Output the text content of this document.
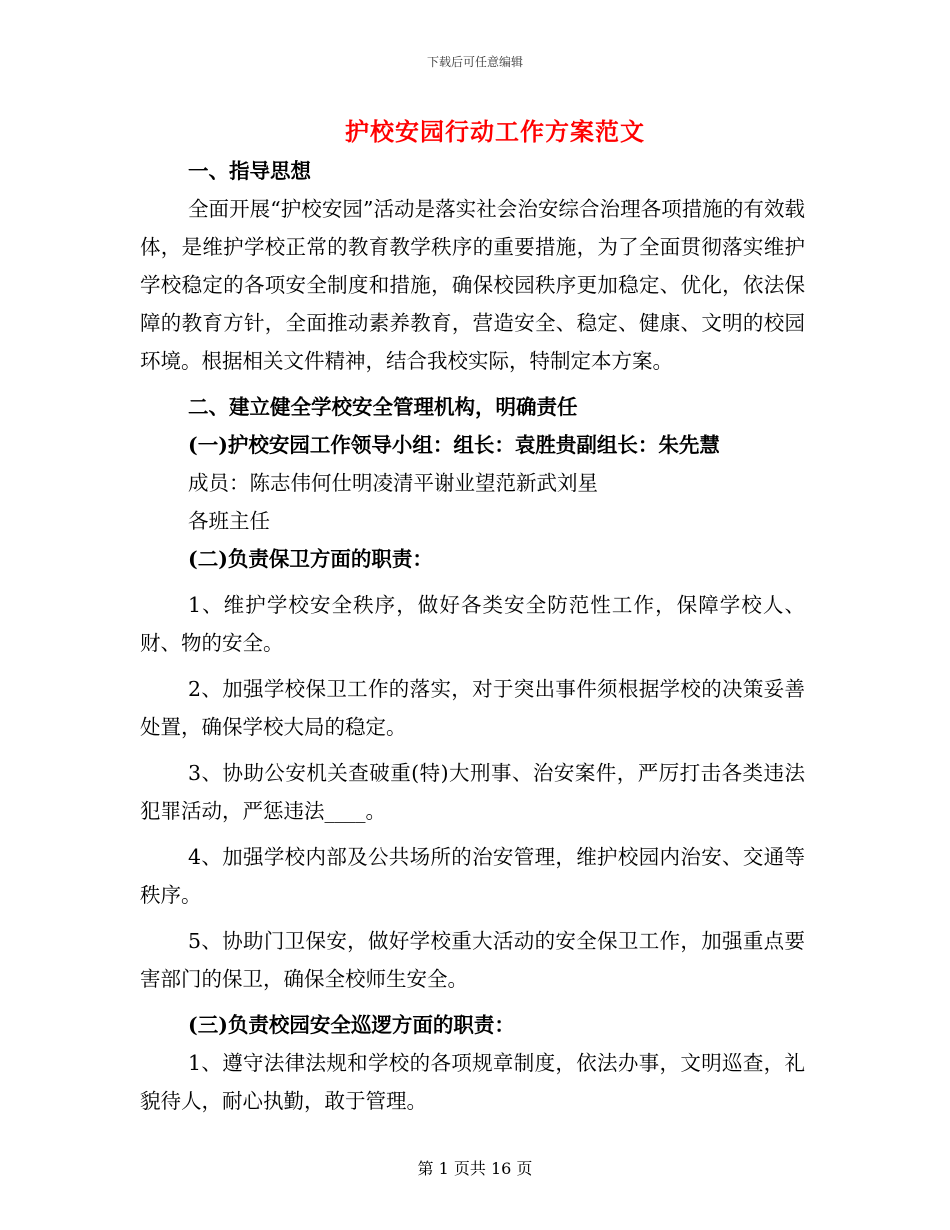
下载后可任意编辑
护校安园行动工作方案范文

一、指导思想

全面开展“护校安园”活动是落实社会治安综合治理各项措施的有效载体，是维护学校正常的教育教学秩序的重要措施，为了全面贯彻落实维护学校稳定的各项安全制度和措施，确保校园秩序更加稳定、优化，依法保障的教育方针，全面推动素养教育，营造安全、稳定、健康、文明的校园环境。根据相关文件精神，结合我校实际，特制定本方案。

二、建立健全学校安全管理机构，明确责任

(一)护校安园工作领导小组：组长：袁胜贵副组长：朱先慧

成员：陈志伟何仕明凌清平谢业望范新武刘星

各班主任

(二)负责保卫方面的职责：

1、维护学校安全秩序，做好各类安全防范性工作，保障学校人、财、物的安全。

2、加强学校保卫工作的落实，对于突出事件须根据学校的决策妥善处置，确保学校大局的稳定。

3、协助公安机关查破重(特)大刑事、治安案件，严厉打击各类违法犯罪活动，严惩违法____。

4、加强学校内部及公共场所的治安管理，维护校园内治安、交通等秩序。

5、协助门卫保安，做好学校重大活动的安全保卫工作，加强重点要害部门的保卫，确保全校师生安全。

(三)负责校园安全巡逻方面的职责：

1、遵守法律法规和学校的各项规章制度，依法办事，文明巡查，礼貌待人，耐心执勤，敢于管理。

第 1 页共 16 页
